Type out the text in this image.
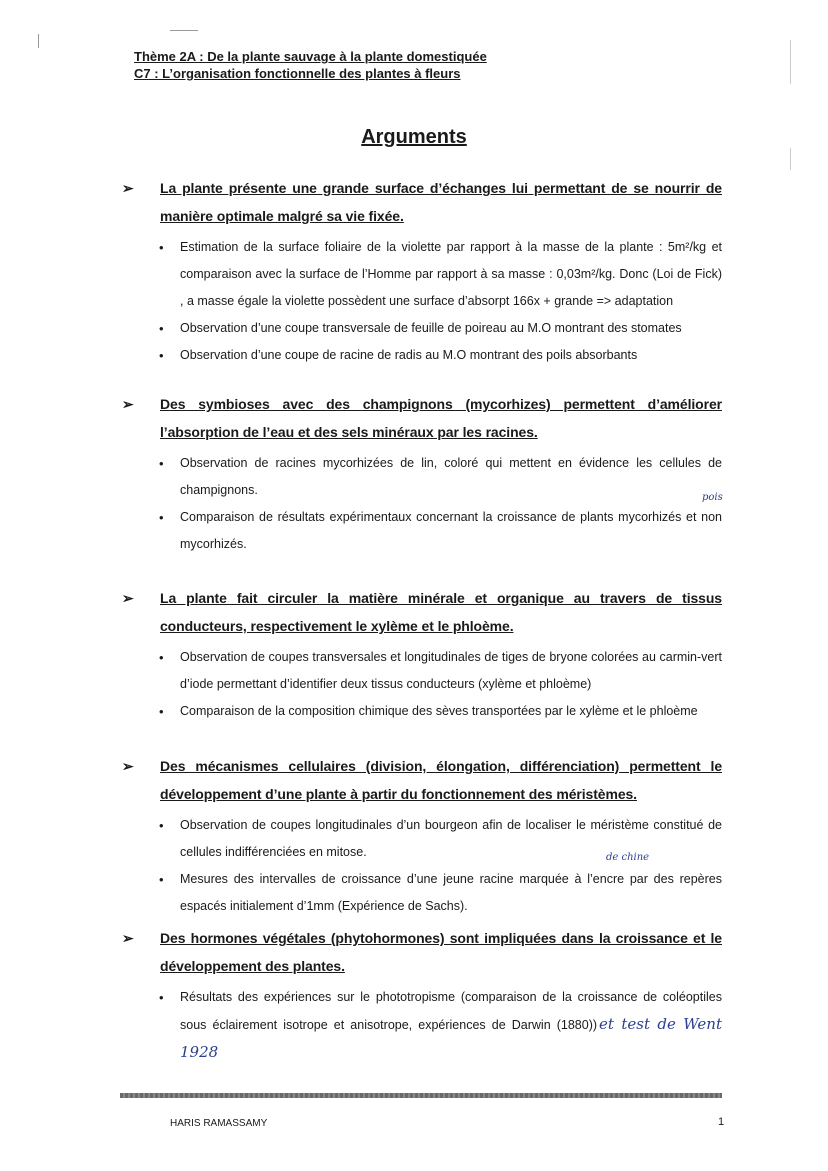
Thème 2A : De la plante sauvage à la plante domestiquée
C7 : L’organisation fonctionnelle des plantes à fleurs
Arguments
➢ La plante présente une grande surface d’échanges lui permettant de se nourrir de manière optimale malgré sa vie fixée.
• Estimation de la surface foliaire de la violette par rapport à la masse de la plante : 5m²/kg et comparaison avec la surface de l’Homme par rapport à sa masse : 0,03m²/kg. Donc (Loi de Fick) , a masse égale la violette possèdent une surface d’absorpt 166x + grande => adaptation
• Observation d’une coupe transversale de feuille de poireau au M.O montrant des stomates
• Observation d’une coupe de racine de radis au M.O montrant des poils absorbants
➢ Des symbioses avec des champignons (mycorhizes) permettent d’améliorer l’absorption de l’eau et des sels minéraux par les racines.
• Observation de racines mycorhizées de lin, coloré qui mettent en évidence les cellules de champignons.
• Comparaison de résultats expérimentaux concernant la croissance de plants mycorhizés et non mycorhizés.
pois
➢ La plante fait circuler la matière minérale et organique au travers de tissus conducteurs, respectivement le xylème et le phloème.
• Observation de coupes transversales et longitudinales de tiges de bryone colorées au carmin-vert d’iode permettant d’identifier deux tissus conducteurs (xylème et phloème)
• Comparaison de la composition chimique des sèves transportées par le xylème et le phloème
➢ Des mécanismes cellulaires (division, élongation, différenciation) permettent le développement d’une plante à partir du fonctionnement des méristèmes.
• Observation de coupes longitudinales d’un bourgeon afin de localiser le méristème constitué de cellules indifférenciées en mitose.
• Mesures des intervalles de croissance d’une jeune racine marquée à l’encre par des repères espacés initialement d’1mm (Expérience de Sachs).
de chine
➢ Des hormones végétales (phytohormones) sont impliquées dans la croissance et le développement des plantes.
• Résultats des expériences sur le phototropisme (comparaison de la croissance de coléoptiles sous éclairement isotrope et anisotrope, expériences de Darwin (1880)) et test de Went 1928
HARIS RAMASSAMY	1
